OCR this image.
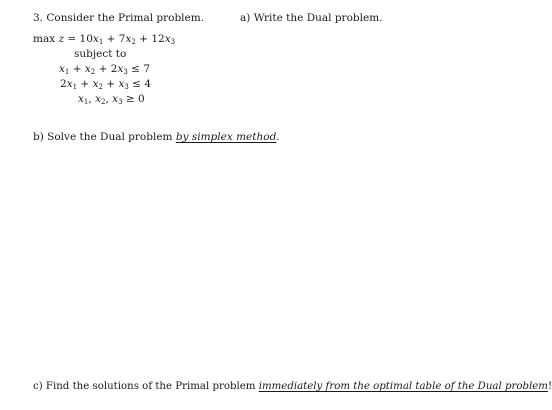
3. Consider the Primal problem.	a) Write the Dual problem.
$\max z = 10x_1 + 7x_2 + 12x_3$
subject to
$x_1 + x_2 + 2x_3 \le 7$
$2x_1 + x_2 + x_3 \le 4$
$x_1$, $x_2$, $x_3 \ge 0$
b) Solve the Dual problem by simplex method.
c) Find the solutions of the Primal problem immediately from the optimal table of the Dual problem!
